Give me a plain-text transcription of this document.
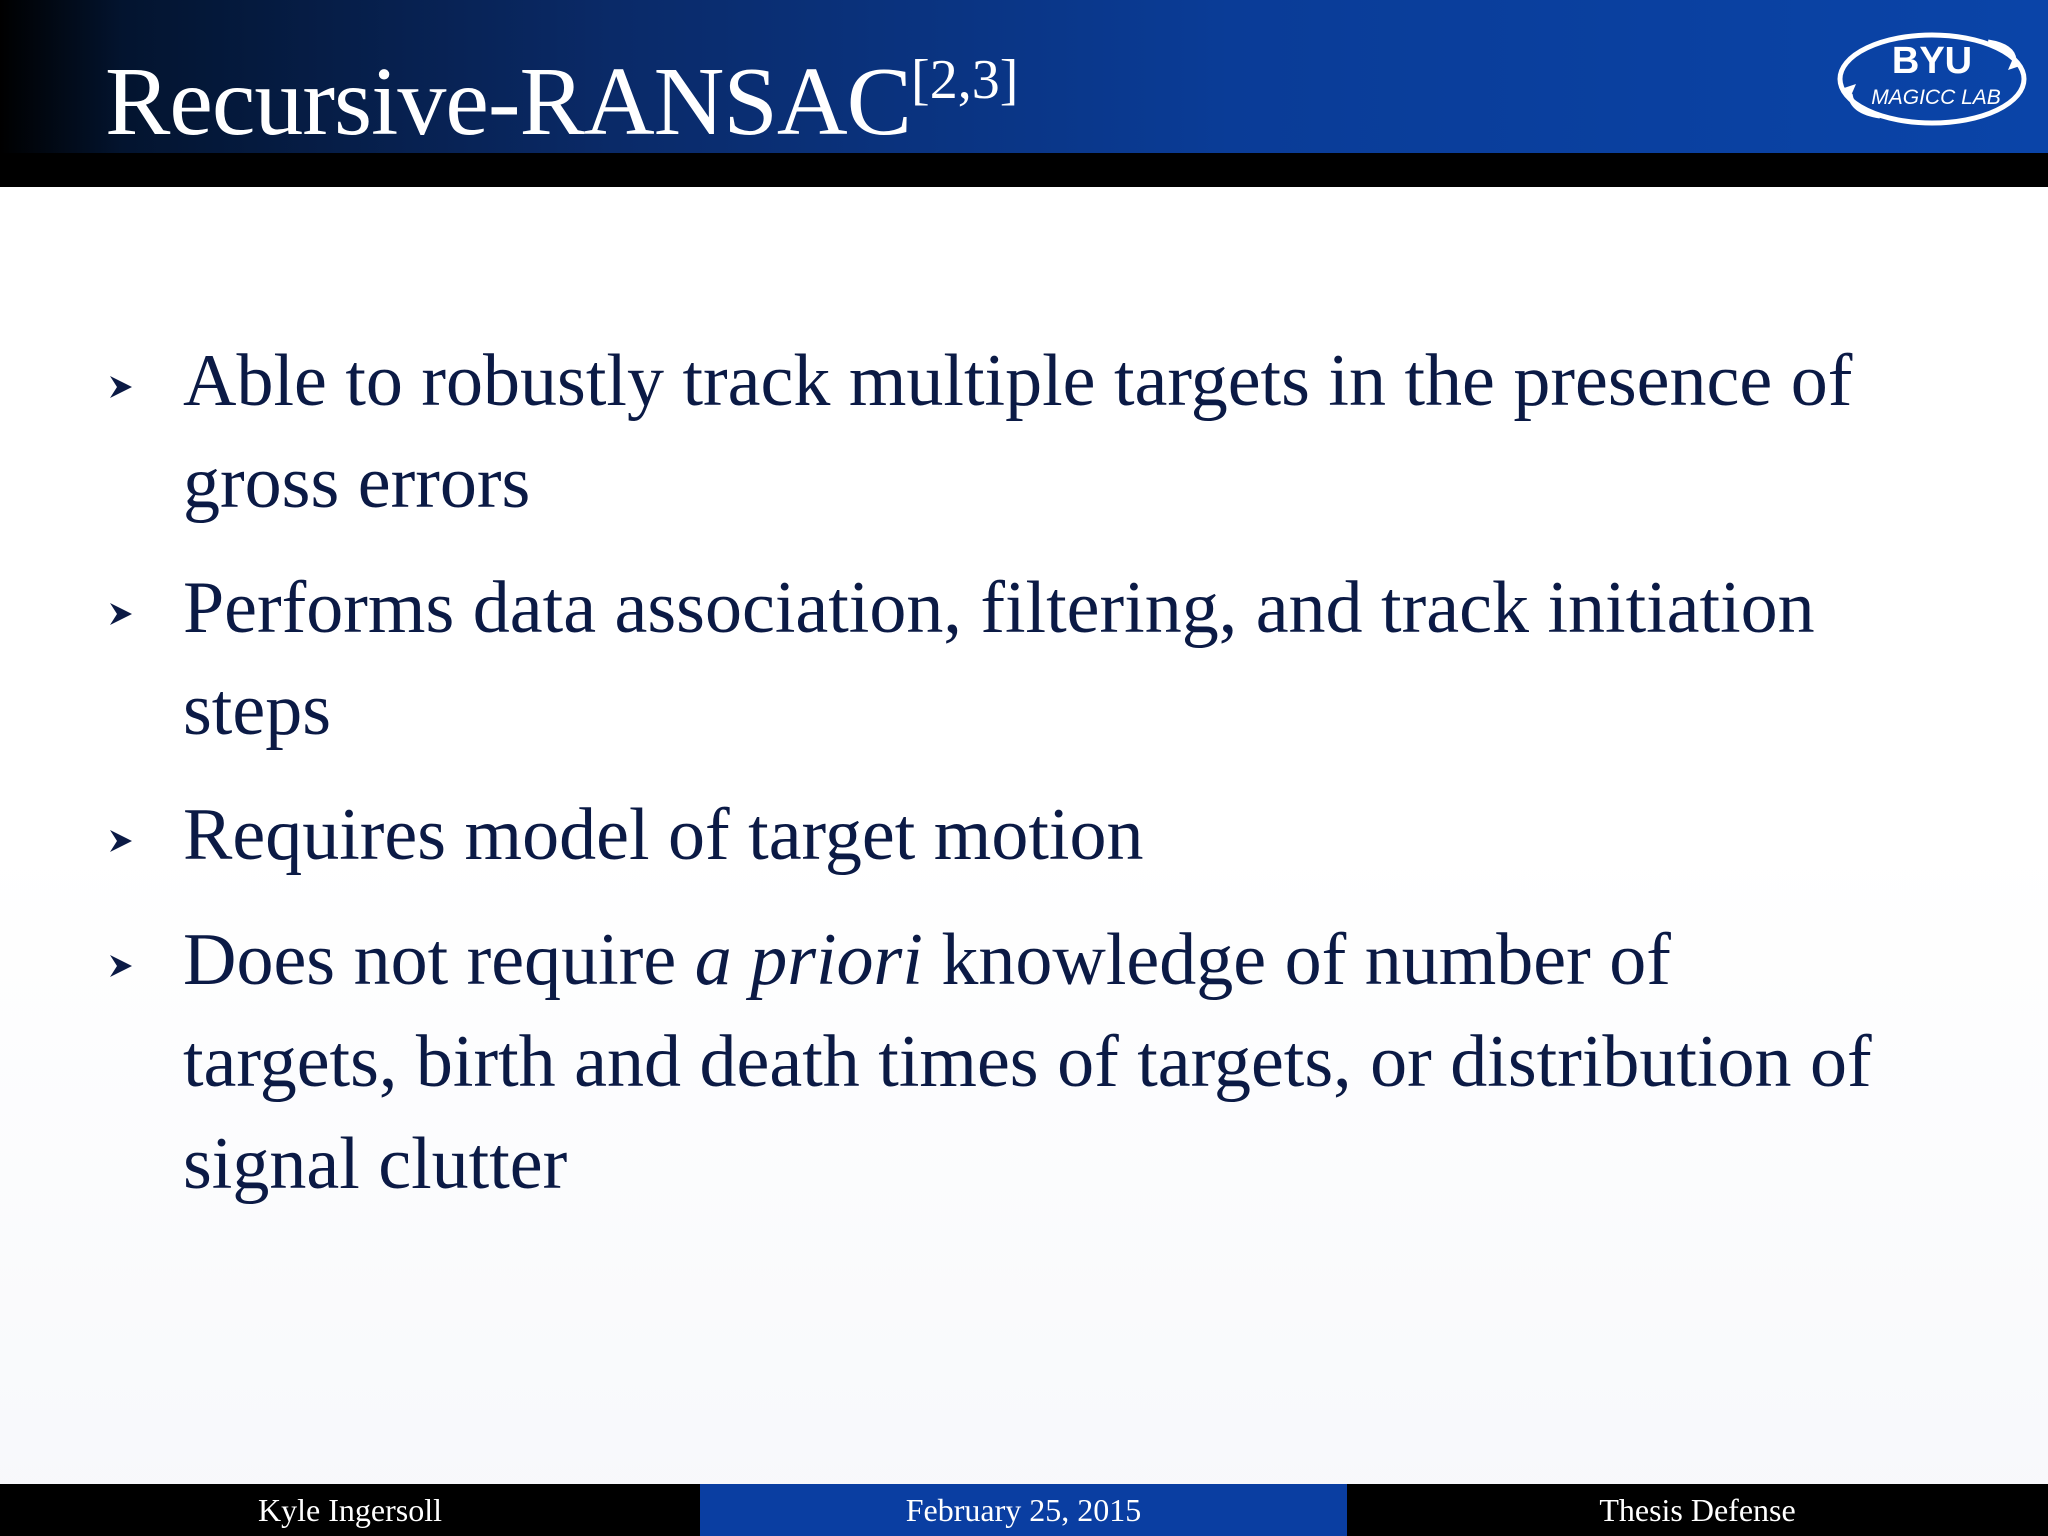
Recursive-RANSAC[2,3]	BYU
MAGICC LAB
Able to robustly track multiple targets in the presence of gross errors
Performs data association, filtering, and track initiation steps
Requires model of target motion
Does not require a priori knowledge of number of targets, birth and death times of targets, or distribution of signal clutter
Kyle Ingersoll	February 25, 2015	Thesis Defense
